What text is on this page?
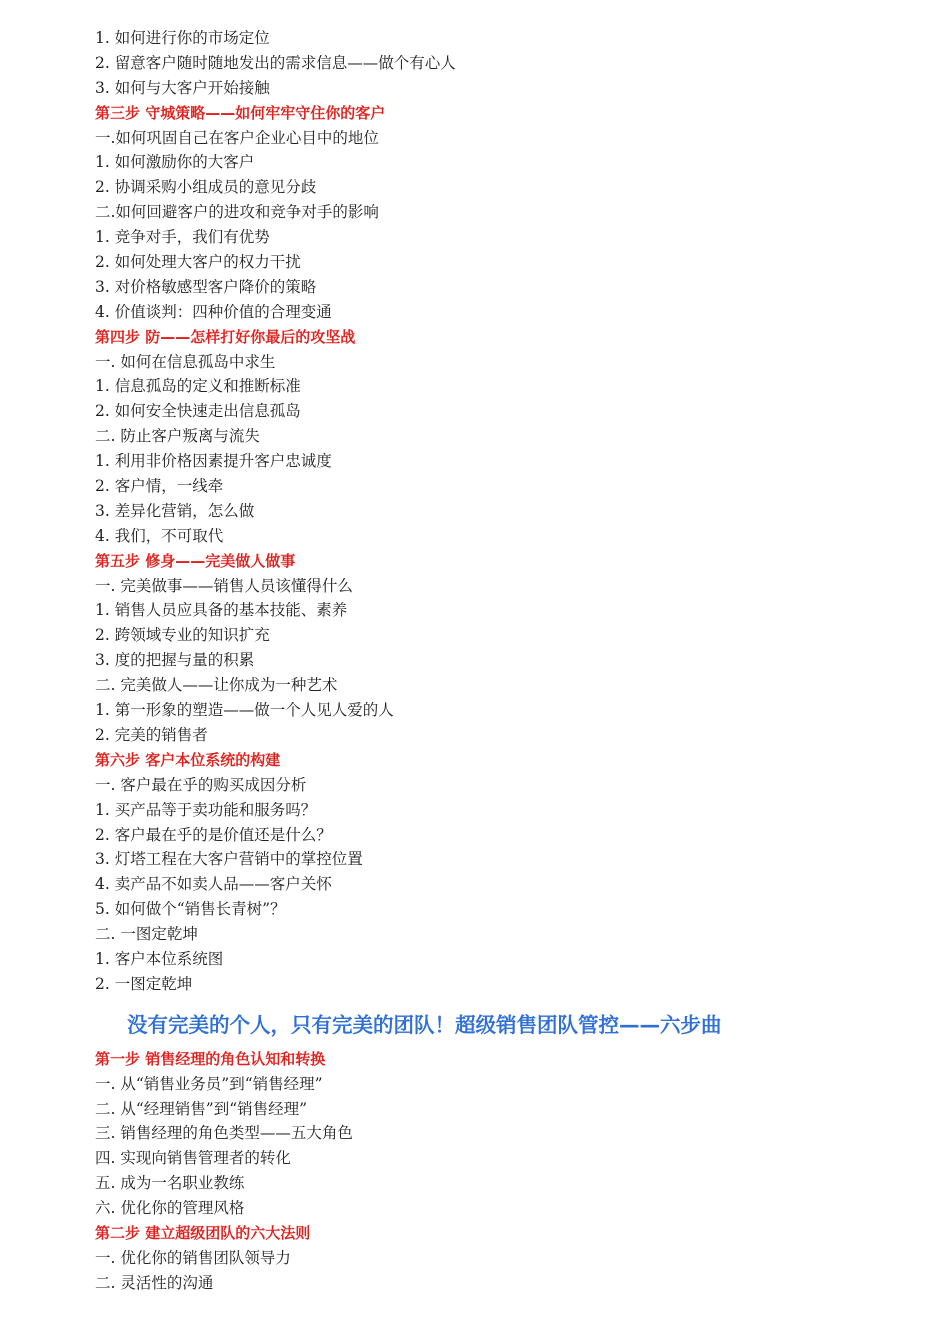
1. 如何进行你的市场定位
2. 留意客户随时随地发出的需求信息——做个有心人
3. 如何与大客户开始接触
第三步 守城策略——如何牢牢守住你的客户
一.如何巩固自己在客户企业心目中的地位
1. 如何激励你的大客户
2. 协调采购小组成员的意见分歧
二.如何回避客户的进攻和竞争对手的影响
1. 竞争对手，我们有优势
2. 如何处理大客户的权力干扰
3. 对价格敏感型客户降价的策略
4. 价值谈判：四种价值的合理变通
第四步 防——怎样打好你最后的攻坚战
一. 如何在信息孤岛中求生
1. 信息孤岛的定义和推断标准
2. 如何安全快速走出信息孤岛
二. 防止客户叛离与流失
1. 利用非价格因素提升客户忠诚度
2. 客户情，一线牵
3. 差异化营销，怎么做
4. 我们，不可取代
第五步 修身——完美做人做事
一. 完美做事——销售人员该懂得什么
1. 销售人员应具备的基本技能、素养
2. 跨领域专业的知识扩充
3. 度的把握与量的积累
二. 完美做人——让你成为一种艺术
1. 第一形象的塑造——做一个人见人爱的人
2. 完美的销售者
第六步 客户本位系统的构建
一. 客户最在乎的购买成因分析
1. 买产品等于卖功能和服务吗？
2. 客户最在乎的是价值还是什么？
3. 灯塔工程在大客户营销中的掌控位置
4. 卖产品不如卖人品——客户关怀
5. 如何做个“销售长青树”？
二. 一图定乾坤
1. 客户本位系统图
2. 一图定乾坤
没有完美的个人，只有完美的团队！超级销售团队管控——六步曲
第一步 销售经理的角色认知和转换
一. 从“销售业务员”到“销售经理”
二. 从“经理销售”到“销售经理”
三. 销售经理的角色类型——五大角色
四. 实现向销售管理者的转化
五. 成为一名职业教练
六. 优化你的管理风格
第二步 建立超级团队的六大法则
一. 优化你的销售团队领导力
二. 灵活性的沟通
